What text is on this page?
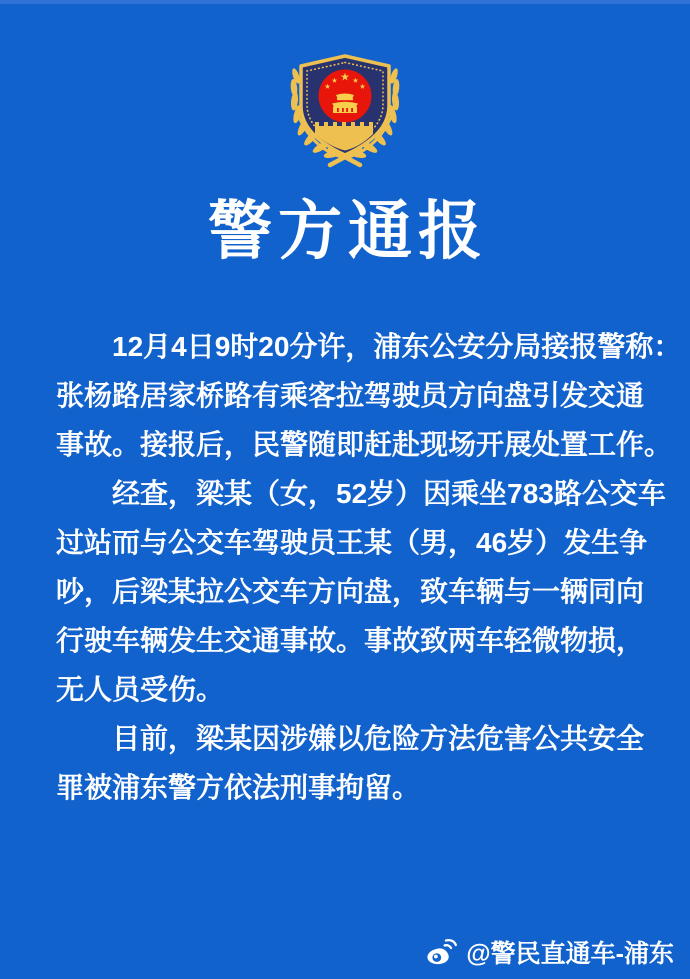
警方通报

12月4日9时20分许，浦东公安分局接报警称：
张杨路居家桥路有乘客拉驾驶员方向盘引发交通
事故。接报后，民警随即赶赴现场开展处置工作。

经查，梁某（女，52岁）因乘坐783路公交车
过站而与公交车驾驶员王某（男，46岁）发生争
吵，后梁某拉公交车方向盘，致车辆与一辆同向
行驶车辆发生交通事故。事故致两车轻微物损，
无人员受伤。

目前，梁某因涉嫌以危险方法危害公共安全
罪被浦东警方依法刑事拘留。

@警民直通车-浦东
